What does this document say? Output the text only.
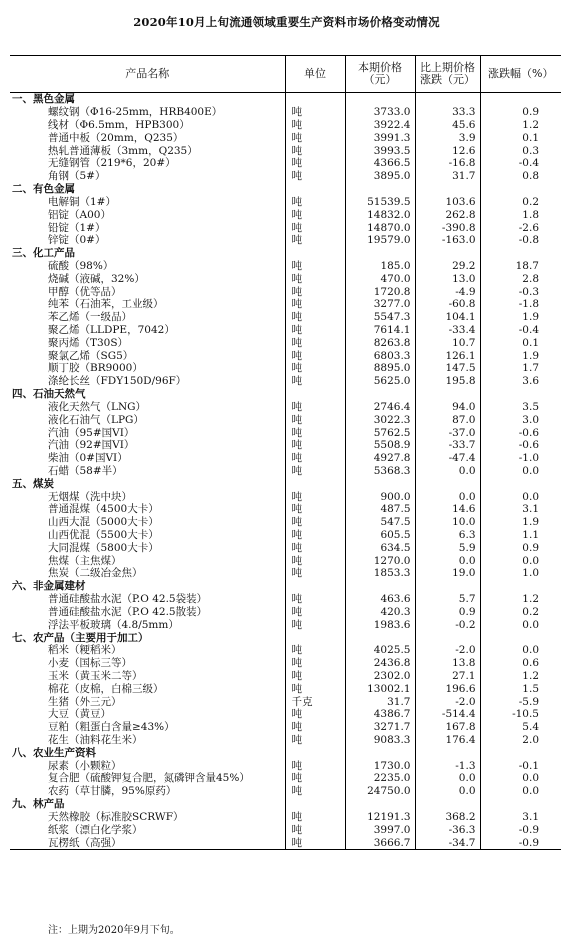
2020年10月上旬流通领域重要生产资料市场价格变动情况
产品名称	单位	本期价格（元）	比上期价格涨跌（元）	涨跌幅（%）
一、黑色金属				
螺纹钢（Φ16-25mm，HRB400E）	吨	3733.0	33.3	0.9
线材（Φ6.5mm，HPB300）	吨	3922.4	45.6	1.2
普通中板（20mm，Q235）	吨	3991.3	3.9	0.1
热轧普通薄板（3mm，Q235）	吨	3993.5	12.6	0.3
无缝钢管（219*6，20#）	吨	4366.5	-16.8	-0.4
角钢（5#）	吨	3895.0	31.7	0.8
二、有色金属				
电解铜（1#）	吨	51539.5	103.6	0.2
铝锭（A00）	吨	14832.0	262.8	1.8
铅锭（1#）	吨	14870.0	-390.8	-2.6
锌锭（0#）	吨	19579.0	-163.0	-0.8
三、化工产品				
硫酸（98%）	吨	185.0	29.2	18.7
烧碱（液碱，32%）	吨	470.0	13.0	2.8
甲醇（优等品）	吨	1720.8	-4.9	-0.3
纯苯（石油苯，工业级）	吨	3277.0	-60.8	-1.8
苯乙烯（一级品）	吨	5547.3	104.1	1.9
聚乙烯（LLDPE，7042）	吨	7614.1	-33.4	-0.4
聚丙烯（T30S）	吨	8263.8	10.7	0.1
聚氯乙烯（SG5）	吨	6803.3	126.1	1.9
顺丁胶（BR9000）	吨	8895.0	147.5	1.7
涤纶长丝（FDY150D/96F）	吨	5625.0	195.8	3.6
四、石油天然气				
液化天然气（LNG）	吨	2746.4	94.0	3.5
液化石油气（LPG）	吨	3022.3	87.0	3.0
汽油（95#国VI）	吨	5762.5	-37.0	-0.6
汽油（92#国VI）	吨	5508.9	-33.7	-0.6
柴油（0#国VI）	吨	4927.8	-47.4	-1.0
石蜡（58#半）	吨	5368.3	0.0	0.0
五、煤炭				
无烟煤（洗中块）	吨	900.0	0.0	0.0
普通混煤（4500大卡）	吨	487.5	14.6	3.1
山西大混（5000大卡）	吨	547.5	10.0	1.9
山西优混（5500大卡）	吨	605.5	6.3	1.1
大同混煤（5800大卡）	吨	634.5	5.9	0.9
焦煤（主焦煤）	吨	1270.0	0.0	0.0
焦炭（二级冶金焦）	吨	1853.3	19.0	1.0
六、非金属建材				
普通硅酸盐水泥（P.O 42.5袋装）	吨	463.6	5.7	1.2
普通硅酸盐水泥（P.O 42.5散装）	吨	420.3	0.9	0.2
浮法平板玻璃（4.8/5mm）	吨	1983.6	-0.2	0.0
七、农产品（主要用于加工）				
稻米（粳稻米）	吨	4025.5	-2.0	0.0
小麦（国标三等）	吨	2436.8	13.8	0.6
玉米（黄玉米二等）	吨	2302.0	27.1	1.2
棉花（皮棉，白棉三级）	吨	13002.1	196.6	1.5
生猪（外三元）	千克	31.7	-2.0	-5.9
大豆（黄豆）	吨	4386.7	-514.4	-10.5
豆粕（粗蛋白含量≥43%）	吨	3271.7	167.8	5.4
花生（油料花生米）	吨	9083.3	176.4	2.0
八、农业生产资料				
尿素（小颗粒）	吨	1730.0	-1.3	-0.1
复合肥（硫酸钾复合肥，氮磷钾含量45%）	吨	2235.0	0.0	0.0
农药（草甘膦，95%原药）	吨	24750.0	0.0	0.0
九、林产品				
天然橡胶（标准胶SCRWF）	吨	12191.3	368.2	3.1
纸浆（漂白化学浆）	吨	3997.0	-36.3	-0.9
瓦楞纸（高强）	吨	3666.7	-34.7	-0.9
注：上期为2020年9月下旬。
